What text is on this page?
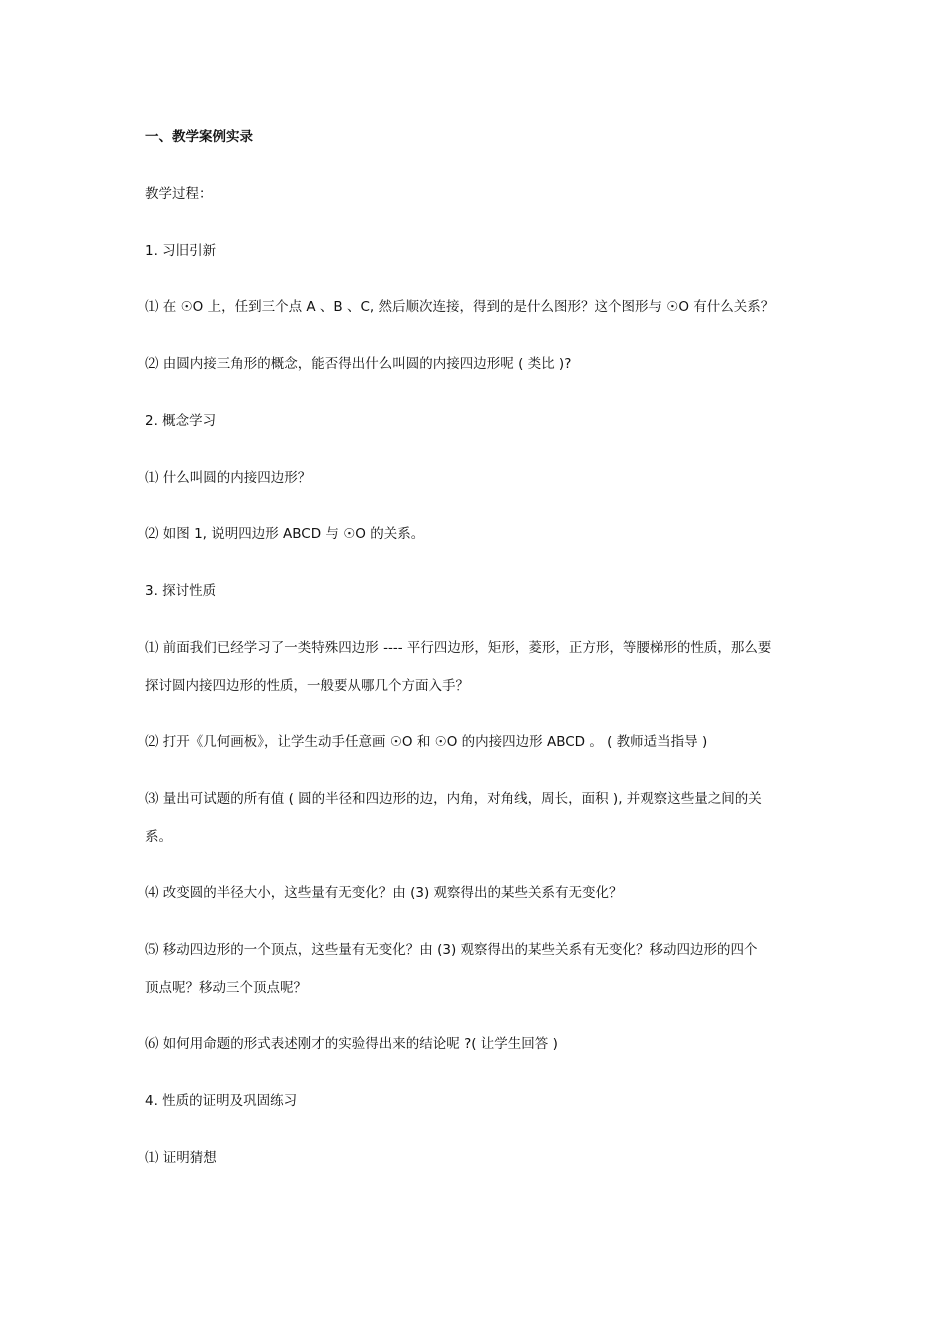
一、教学案例实录
教学过程：
1. 习旧引新
⑴ 在 ☉O 上，任到三个点 A 、B 、C, 然后顺次连接，得到的是什么图形？这个图形与 ☉O 有什么关系？
⑵ 由圆内接三角形的概念，能否得出什么叫圆的内接四边形呢 ( 类比 )?
2. 概念学习
⑴ 什么叫圆的内接四边形？
⑵ 如图 1, 说明四边形 ABCD 与 ☉O 的关系。
3. 探讨性质
⑴ 前面我们已经学习了一类特殊四边形 ---- 平行四边形，矩形，菱形，正方形，等腰梯形的性质，那么要
探讨圆内接四边形的性质，一般要从哪几个方面入手？
⑵ 打开《几何画板》，让学生动手任意画 ☉O 和 ☉O 的内接四边形 ABCD 。 ( 教师适当指导 )
⑶ 量出可试题的所有值 ( 圆的半径和四边形的边，内角，对角线，周长，面积 ), 并观察这些量之间的关
系。
⑷ 改变圆的半径大小，这些量有无变化？由 (3) 观察得出的某些关系有无变化？
⑸ 移动四边形的一个顶点，这些量有无变化？由 (3) 观察得出的某些关系有无变化？移动四边形的四个
顶点呢？移动三个顶点呢？
⑹ 如何用命题的形式表述刚才的实验得出来的结论呢 ?( 让学生回答 )
4. 性质的证明及巩固练习
⑴ 证明猜想
